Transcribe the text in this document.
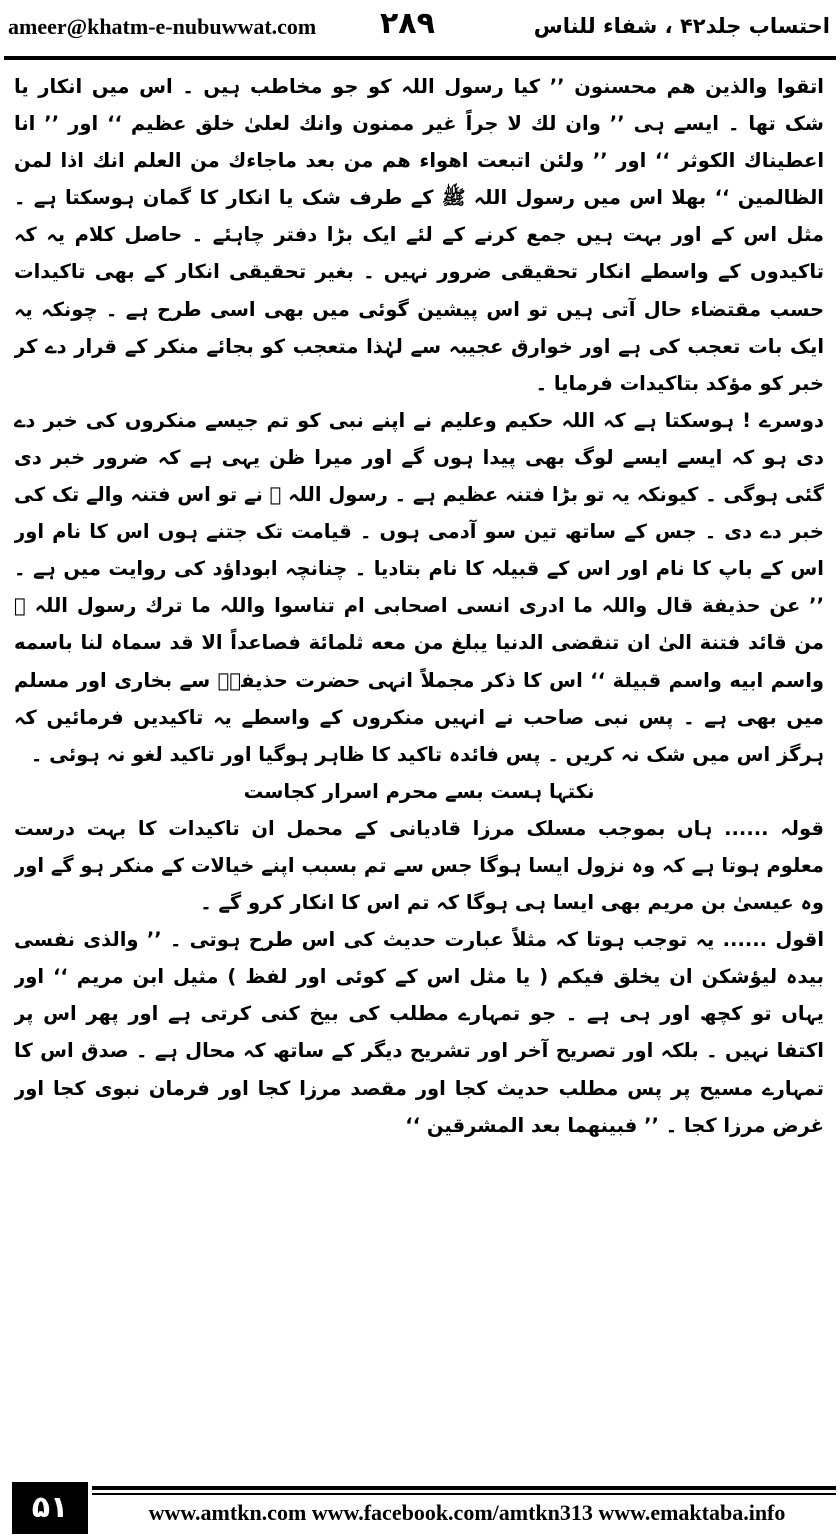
ameer@khatm-e-nubuwwat.com ۲۸۹	احتساب جلد۴۲ ، شفاء للناس

اتقوا والذین ھم محسنون ’’ کیا رسول اللہ کو جو مخاطب ہیں ۔ اس میں انکار یا شک تھا ۔ ایسے ہی ’’ وان لك لا جراً غیر ممنون وانك لعلیٰ خلق عظیم ‘‘ اور ’’ انا اعطیناك الکوثر ‘‘ اور ’’ ولئن اتبعت اھواء ھم من بعد ماجاءك من العلم انك اذا لمن الظالمین ‘‘ بھلا اس میں رسول اللہ ﷺ کے طرف شک یا انکار کا گمان ہوسکتا ہے ۔ مثل اس کے اور بہت ہیں جمع کرنے کے لئے ایک بڑا دفتر چاہئے ۔ حاصل کلام یہ کہ تاکیدوں کے واسطے انکار تحقیقی ضرور نہیں ۔ بغیر تحقیقی انکار کے بھی تاکیدات حسب مقتضاء حال آتی ہیں تو اس پیشین گوئی میں بھی اسی طرح ہے ۔ چونکہ یہ ایک بات تعجب کی ہے اور خوارق عجیبہ سے لہٰذا متعجب کو بجائے منکر کے قرار دے کر خبر کو مؤکد بتاکیدات فرمایا ۔

دوسرے ! ہوسکتا ہے کہ اللہ حکیم وعلیم نے اپنے نبی کو تم جیسے منکروں کی خبر دے دی ہو کہ ایسے ایسے لوگ بھی پیدا ہوں گے اور میرا ظن یہی ہے کہ ضرور خبر دی گئی ہوگی ۔ کیونکہ یہ تو بڑا فتنہ عظیم ہے ۔ رسول اللہ ﷺ نے تو اس فتنہ والے تک کی خبر دے دی ۔ جس کے ساتھ تین سو آدمی ہوں ۔ قیامت تک جتنے ہوں اس کا نام اور اس کے باپ کا نام اور اس کے قبیلہ کا نام بتادیا ۔ چنانچہ ابوداؤد کی روایت میں ہے ۔ ’’ عن حذیفة قال واللہ ما ادری انسی اصحابی ام تناسوا واللہ ما ترك رسول اللہ ﷺ من قائد فتنة الیٰ ان تنقضی الدنیا یبلغ من معه ثلمائة فصاعداً الا قد سماہ لنا باسمه واسم ابیه واسم قبیلة ‘‘ اس کا ذکر مجملاً انہی حضرت حذیفہؓ سے بخاری اور مسلم میں بھی ہے ۔ پس نبی صاحب نے انہیں منکروں کے واسطے یہ تاکیدیں فرمائیں کہ ہرگز اس میں شک نہ کریں ۔ پس فائدہ تاکید کا ظاہر ہوگیا اور تاکید لغو نہ ہوئی ۔

نکتہا ہست بسے محرم اسرار کجاست

قولہ ...... ہاں بموجب مسلک مرزا قادیانی کے محمل ان تاکیدات کا بہت درست معلوم ہوتا ہے کہ وہ نزول ایسا ہوگا جس سے تم بسبب اپنے خیالات کے منکر ہو گے اور وہ عیسیٰ بن مریم بھی ایسا ہی ہوگا کہ تم اس کا انکار کرو گے ۔

اقول ...... یہ توجب ہوتا کہ مثلاً عبارت حدیث کی اس طرح ہوتی ۔ ’’ والذی نفسی بیدہ لیؤشکن ان یخلق فیکم ( یا مثل اس کے کوئی اور لفظ ) مثیل ابن مریم ‘‘ اور یہاں تو کچھ اور ہی ہے ۔ جو تمہارے مطلب کی بیخ کنی کرتی ہے اور پھر اس پر اکتفا نہیں ۔ بلکہ اور تصریح آخر اور تشریح دیگر کے ساتھ کہ محال ہے ۔ صدق اس کا تمہارے مسیح پر پس مطلب حدیث کجا اور مقصد مرزا کجا اور فرمان نبوی کجا اور غرض مرزا کجا ۔ ’’ فبینھما بعد المشرقین ‘‘

۵۱	www.amtkn.com www.facebook.com/amtkn313 www.emaktaba.info
